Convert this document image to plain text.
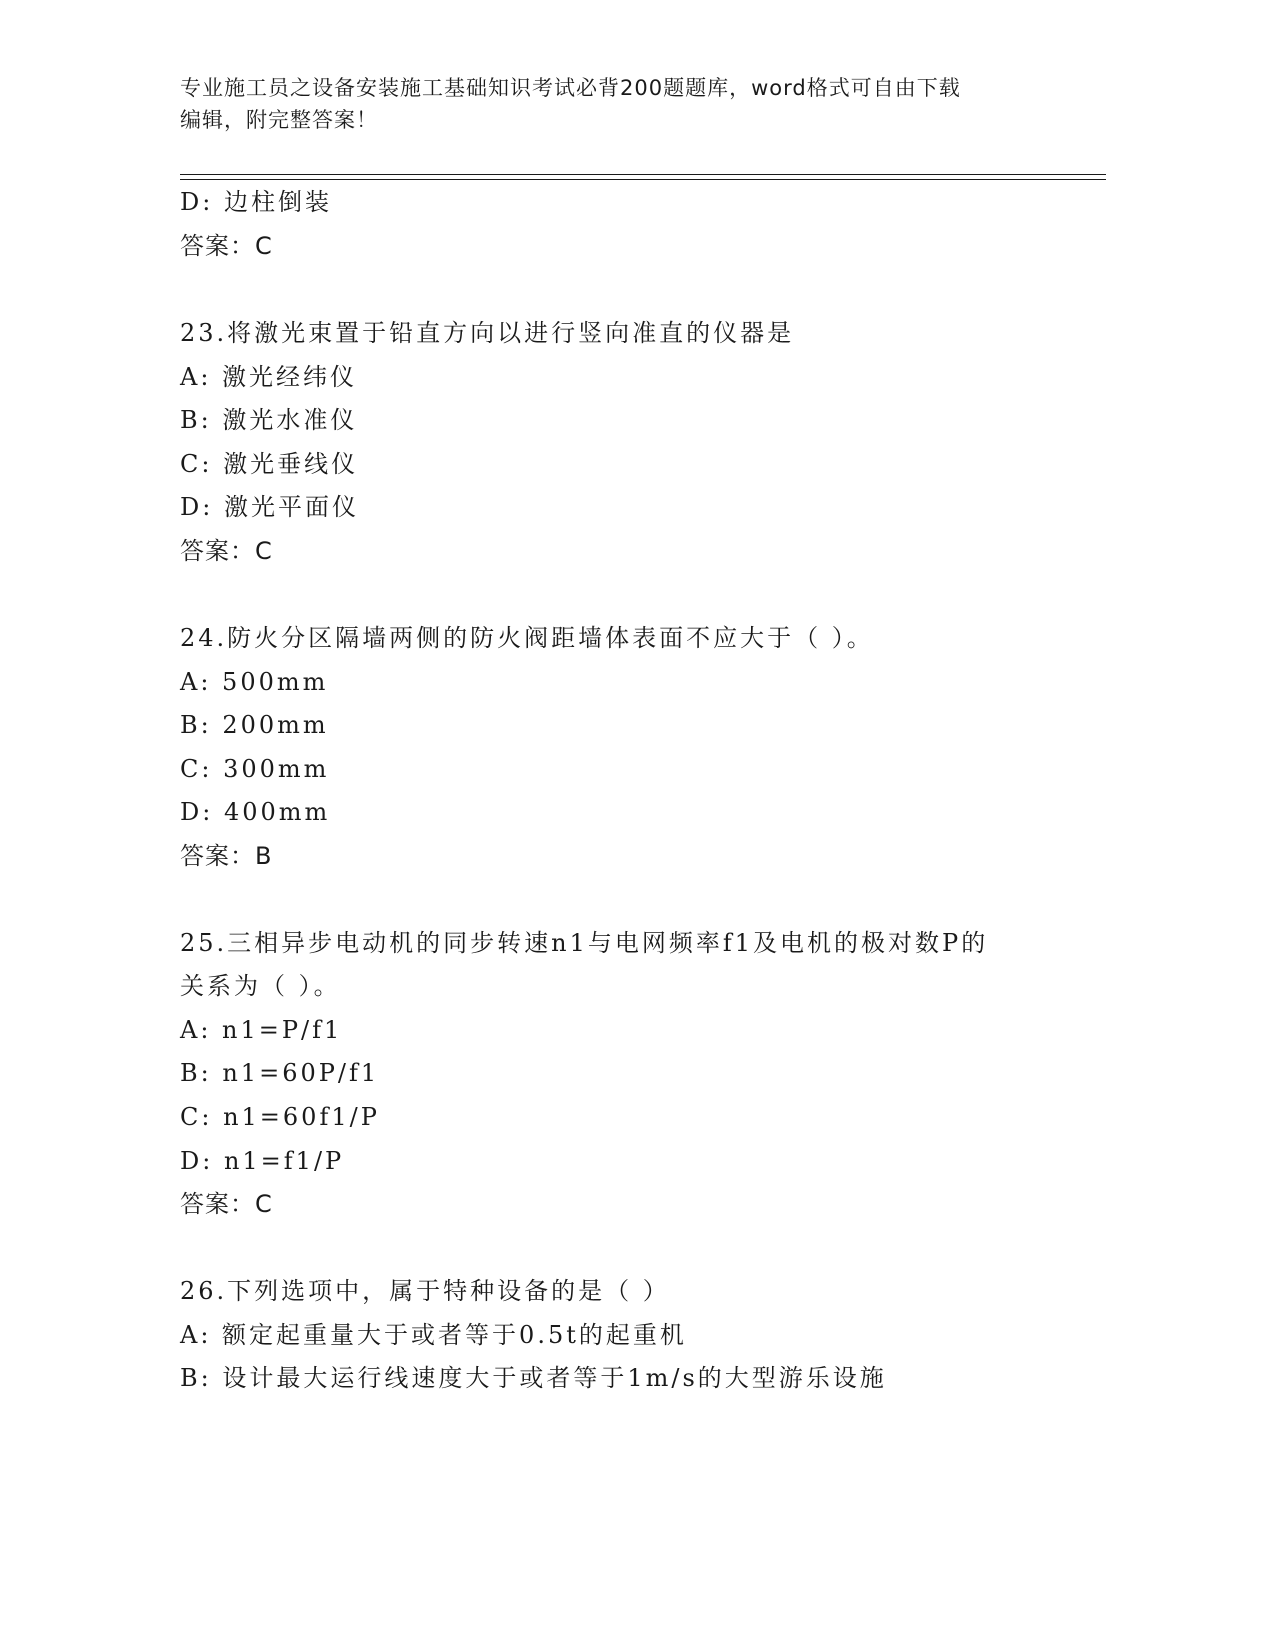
专业施工员之设备安装施工基础知识考试必背200题题库，word格式可自由下载
编辑，附完整答案！
D: 边柱倒装
答案：C
23.将激光束置于铅直方向以进行竖向准直的仪器是
A: 激光经纬仪
B: 激光水准仪
C: 激光垂线仪
D: 激光平面仪
答案：C
24.防火分区隔墙两侧的防火阀距墙体表面不应大于（ ）。
A: 500mm
B: 200mm
C: 300mm
D: 400mm
答案：B
25.三相异步电动机的同步转速n1与电网频率f1及电机的极对数P的
关系为（ ）。
A: n1=P/f1
B: n1=60P/f1
C: n1=60f1/P
D: n1=f1/P
答案：C
26.下列选项中，属于特种设备的是（ ）
A: 额定起重量大于或者等于0.5t的起重机
B: 设计最大运行线速度大于或者等于1m/s的大型游乐设施
